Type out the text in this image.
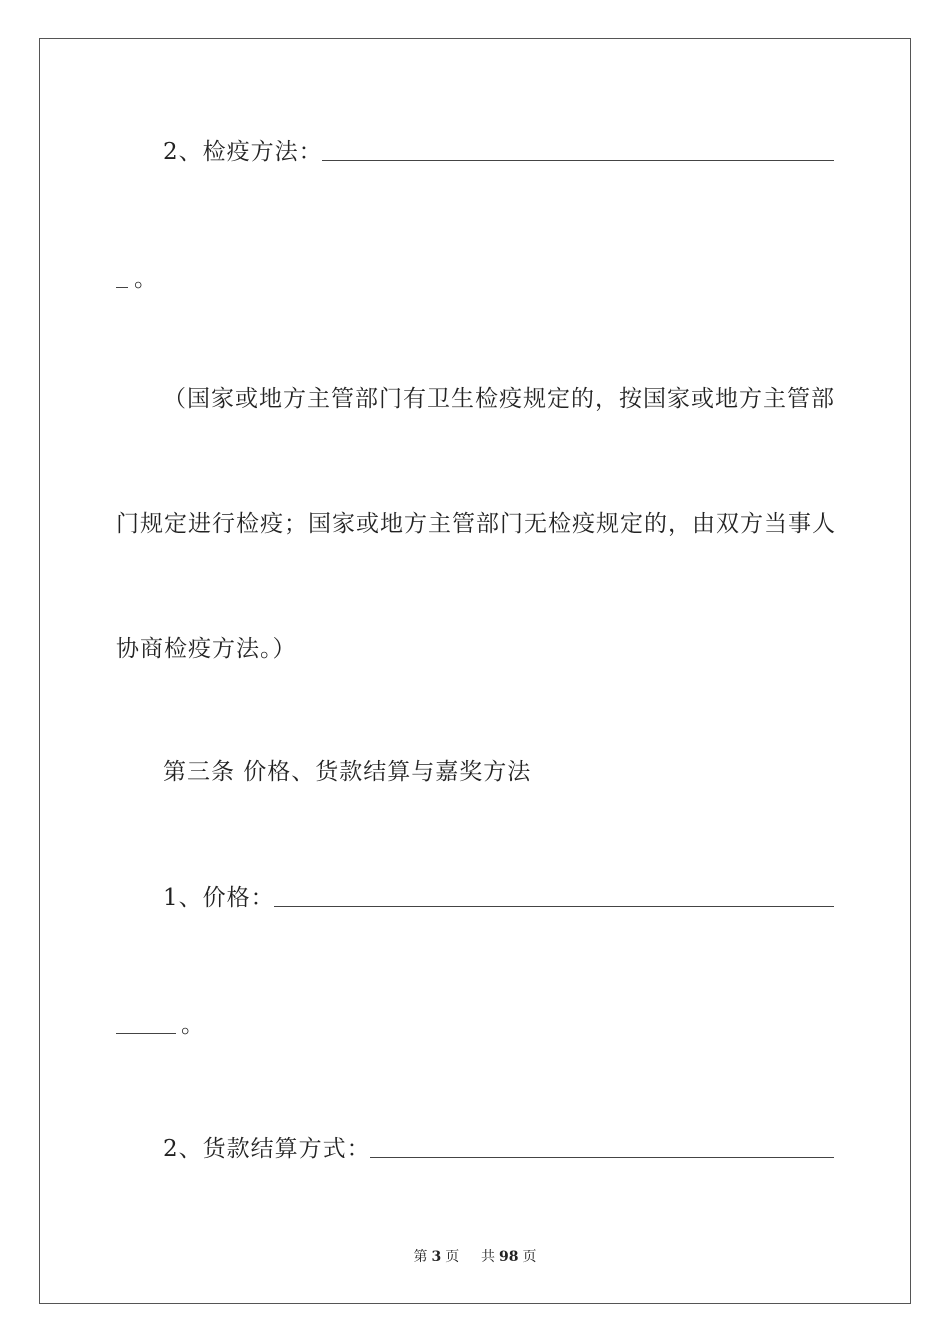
2、检疫方法：
。
（国家或地方主管部门有卫生检疫规定的，按国家或地方主管部
门规定进行检疫；国家或地方主管部门无检疫规定的，由双方当事人
协商检疫方法。）
第三条 价格、货款结算与嘉奖方法
1、价格：
。
2、货款结算方式：
第 3 页 共 98 页
